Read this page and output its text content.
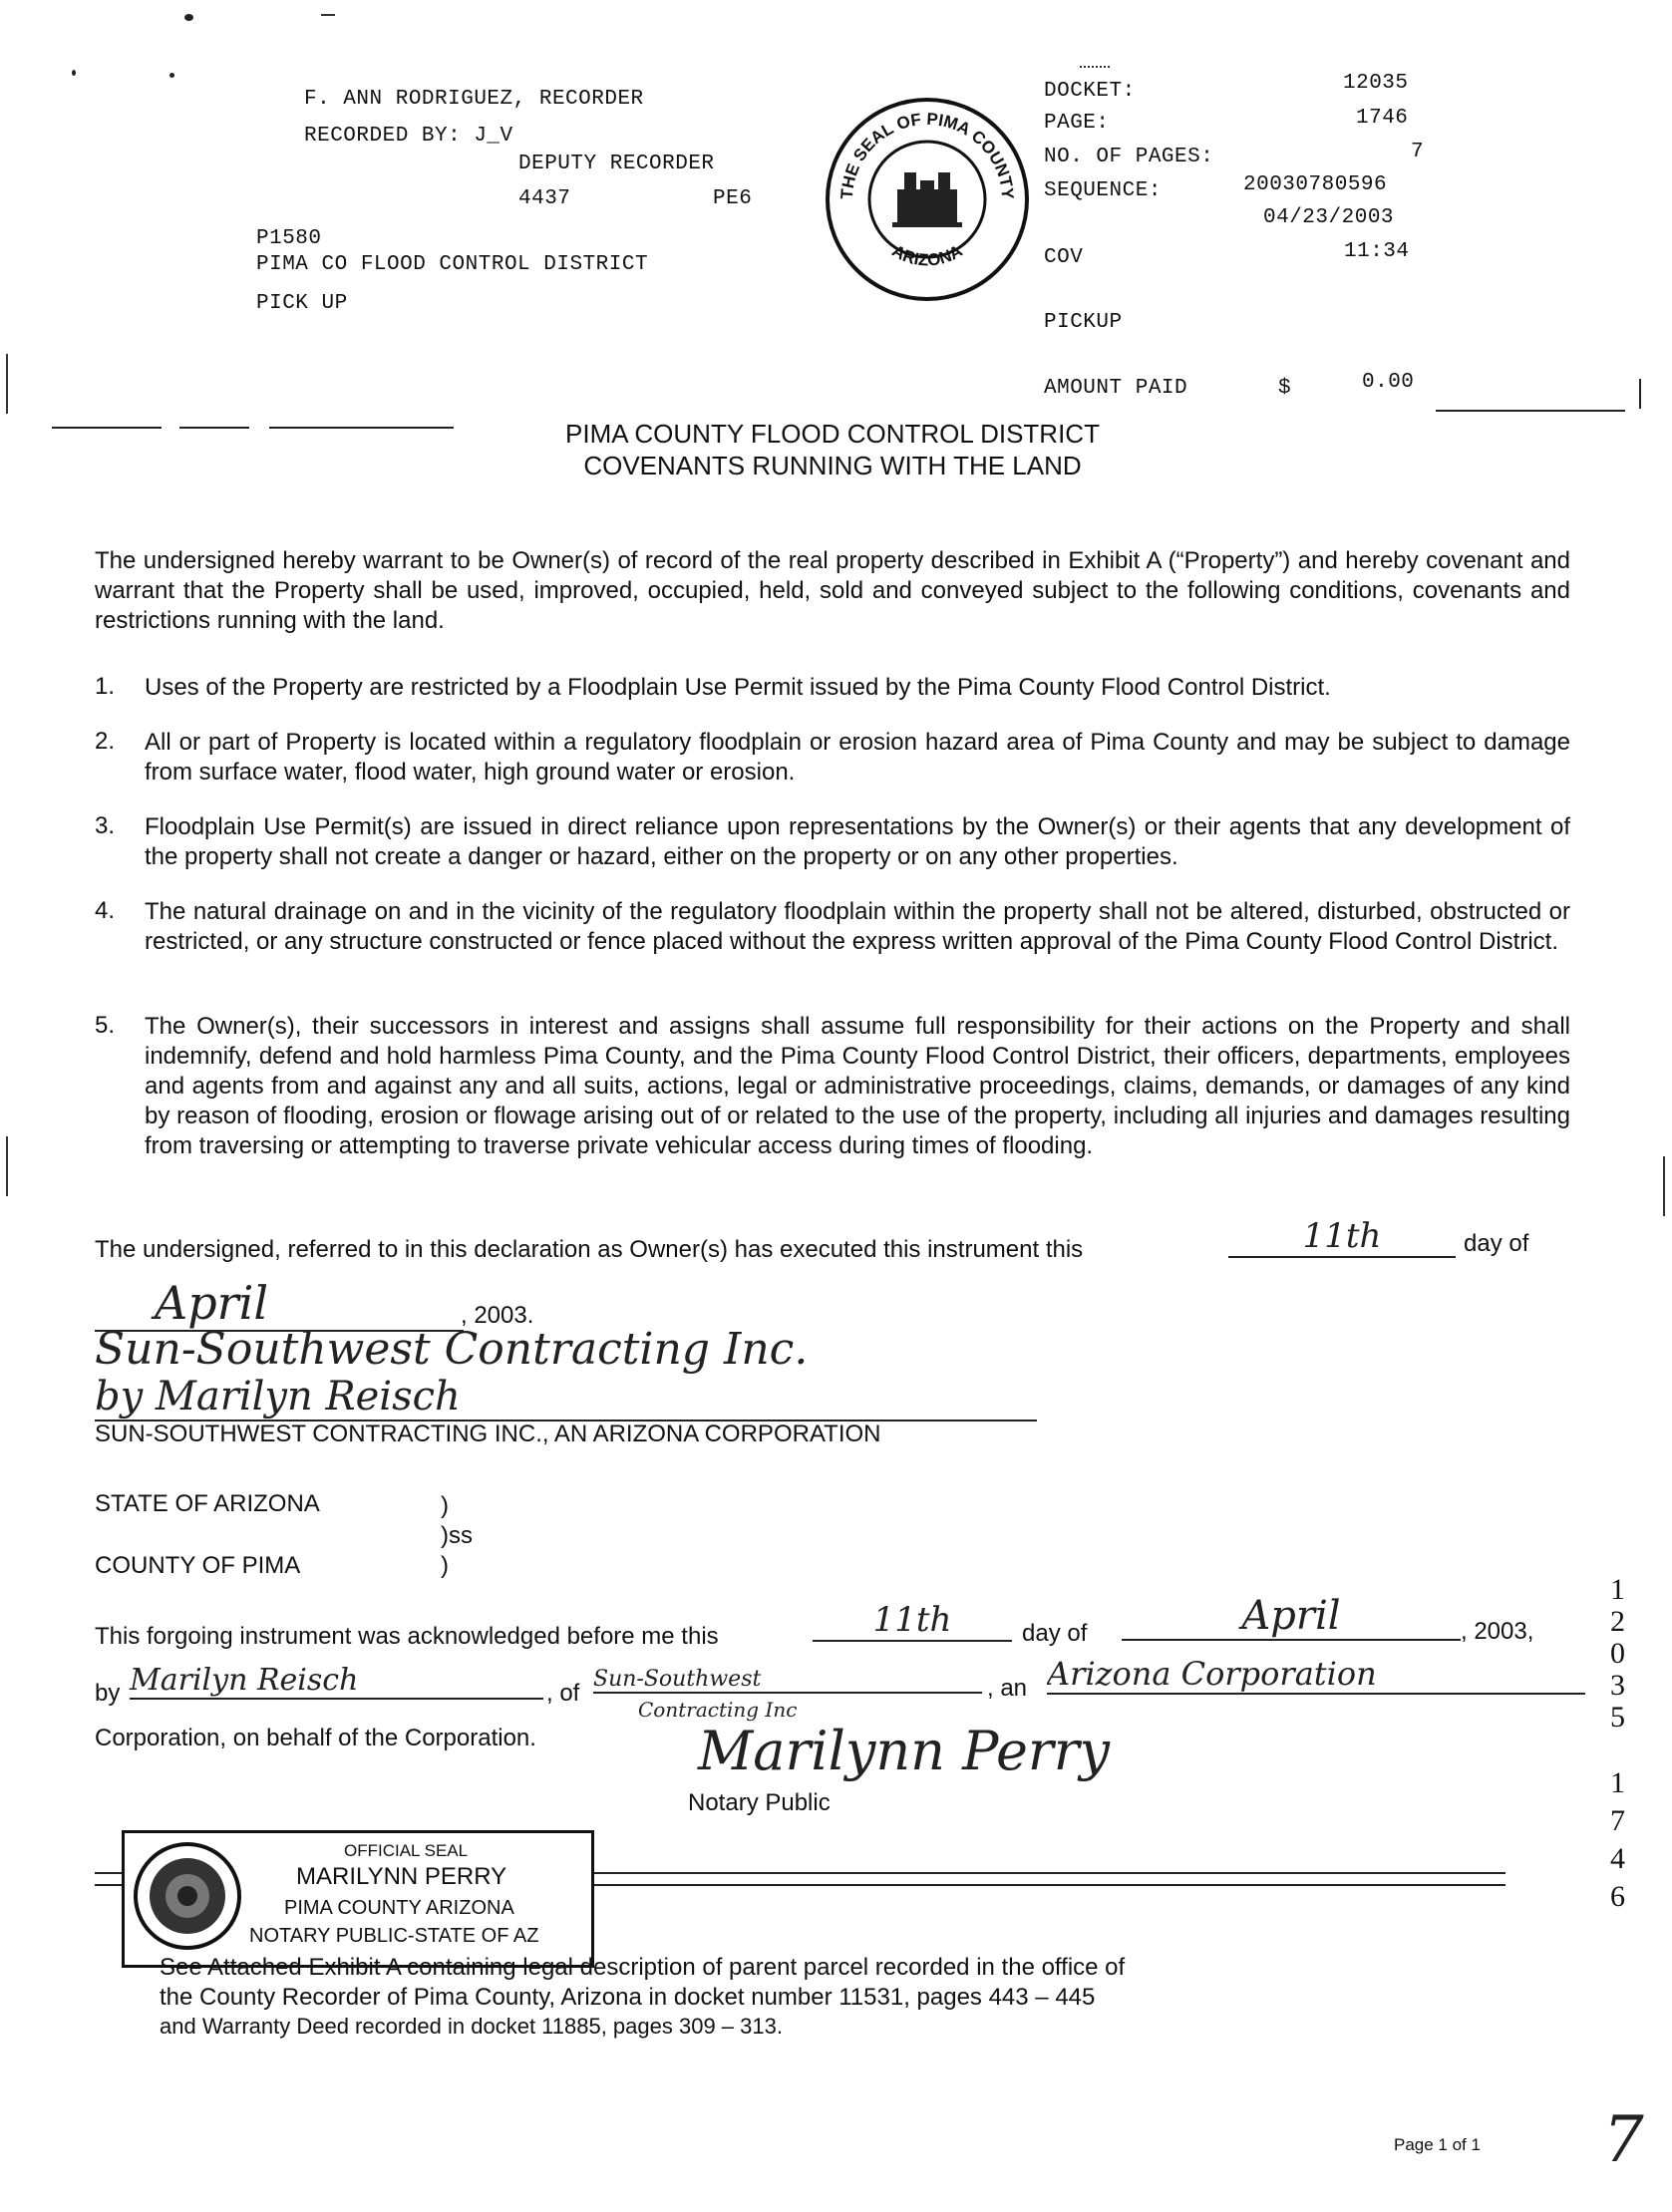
F. ANN RODRIGUEZ, RECORDER
RECORDED BY: J_V
DEPUTY RECORDER
4437	PE6
P1580
PIMA CO FLOOD CONTROL DISTRICT
PICK UP
THE SEAL OF PIMA COUNTY
ARIZONA
DOCKET:	12035
PAGE:	1746
NO. OF PAGES:	7
SEQUENCE:	20030780596
04/23/2003
COV	11:34
PICKUP
AMOUNT PAID	$	0.00
PIMA COUNTY FLOOD CONTROL DISTRICT
COVENANTS RUNNING WITH THE LAND
The undersigned hereby warrant to be Owner(s) of record of the real property described in Exhibit A (“Property”) and hereby covenant and warrant that the Property shall be used, improved, occupied, held, sold and conveyed subject to the following conditions, covenants and restrictions running with the land.
1. Uses of the Property are restricted by a Floodplain Use Permit issued by the Pima County Flood Control District.
2. All or part of Property is located within a regulatory floodplain or erosion hazard area of Pima County and may be subject to damage from surface water, flood water, high ground water or erosion.
3. Floodplain Use Permit(s) are issued in direct reliance upon representations by the Owner(s) or their agents that any development of the property shall not create a danger or hazard, either on the property or on any other properties.
4. The natural drainage on and in the vicinity of the regulatory floodplain within the property shall not be altered, disturbed, obstructed or restricted, or any structure constructed or fence placed without the express written approval of the Pima County Flood Control District.
5. The Owner(s), their successors in interest and assigns shall assume full responsibility for their actions on the Property and shall indemnify, defend and hold harmless Pima County, and the Pima County Flood Control District, their officers, departments, employees and agents from and against any and all suits, actions, legal or administrative proceedings, claims, demands, or damages of any kind by reason of flooding, erosion or flowage arising out of or related to the use of the property, including all injuries and damages resulting from traversing or attempting to traverse private vehicular access during times of flooding.
The undersigned, referred to in this declaration as Owner(s) has executed this instrument this	11th	day of
April	, 2003.
Sun-Southwest Contracting Inc.
by Marilyn Reisch
SUN-SOUTHWEST CONTRACTING INC., AN ARIZONA CORPORATION
STATE OF ARIZONA	)
)ss
COUNTY OF PIMA	)
This forgoing instrument was acknowledged before me this	11th	day of	April	, 2003,
by Marilyn Reisch	, of
Sun-Southwest
Contracting Inc
, an Arizona Corporation
Corporation, on behalf of the Corporation.	Marilynn Perry
Notary Public
OFFICIAL SEAL
MARILYNN PERRY
PIMA COUNTY ARIZONA
NOTARY PUBLIC-STATE OF AZ
See Attached Exhibit A containing legal description of parent parcel recorded in the office of
the County Recorder of Pima County, Arizona in docket number 11531, pages 443 – 445
and Warranty Deed recorded in docket 11885, pages 309 – 313.
1
2
0
3
5
1
7
4
6
Page 1 of 1 7
